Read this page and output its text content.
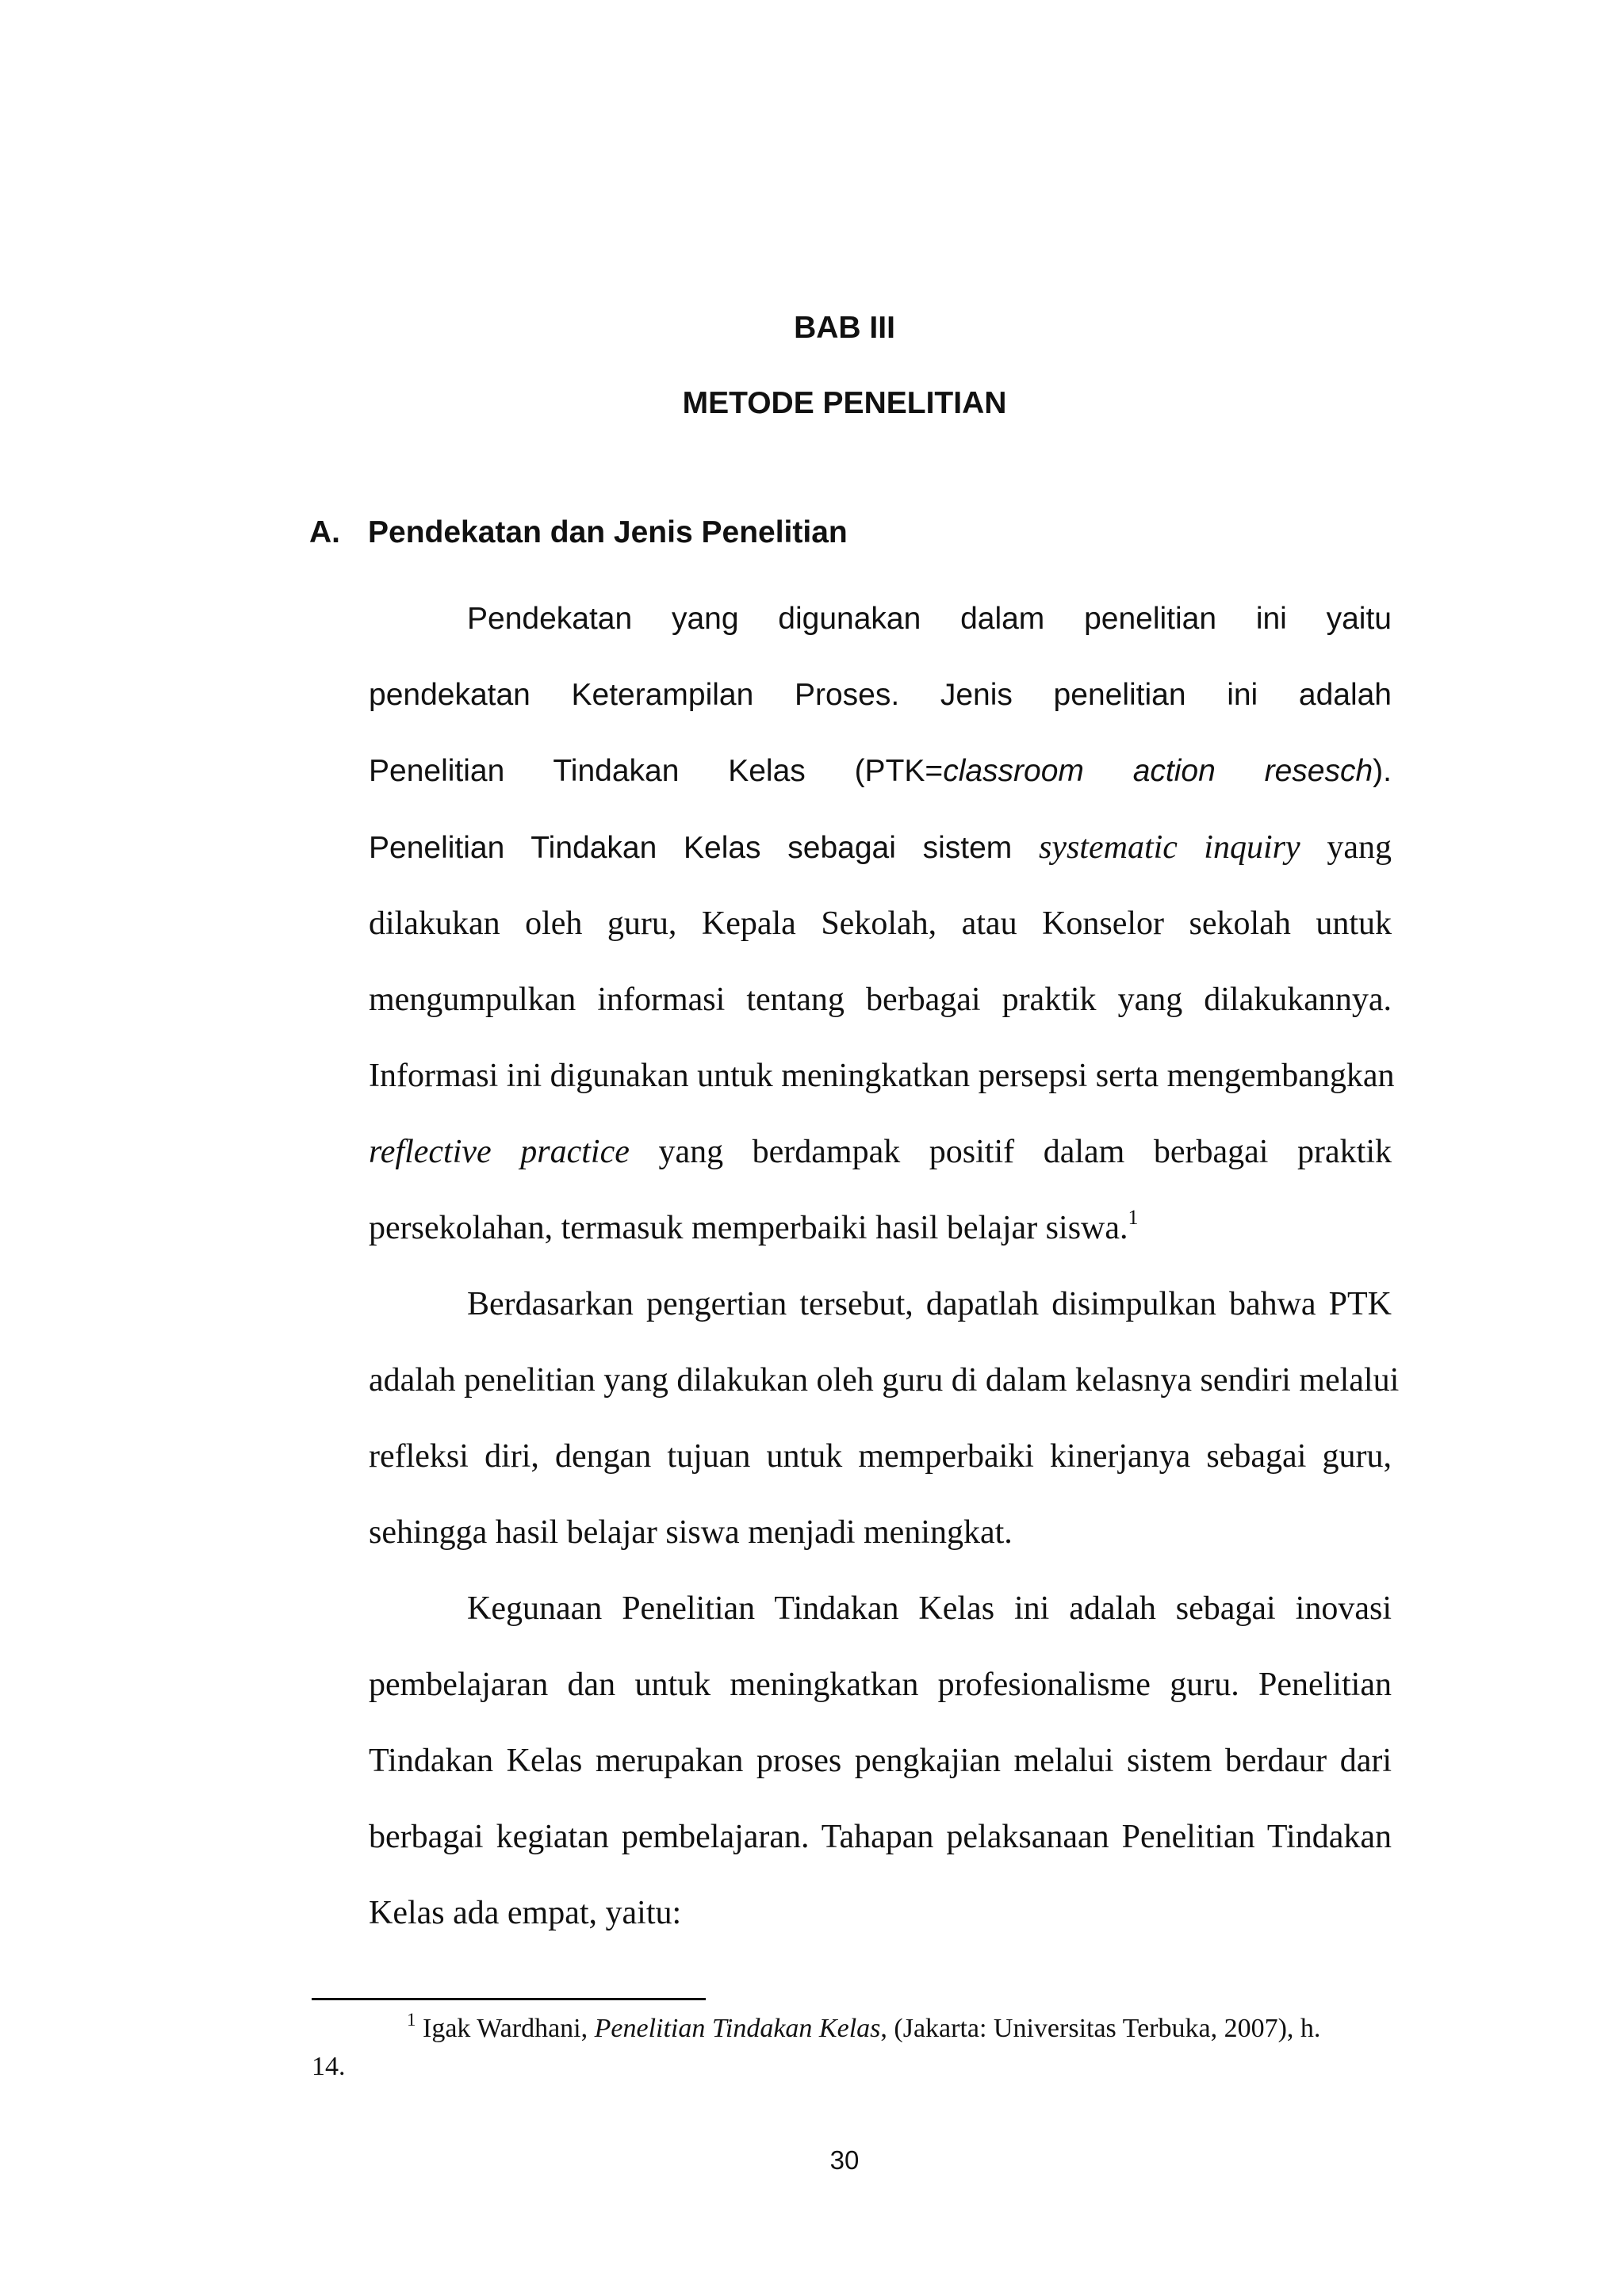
BAB III
METODE PENELITIAN
A. Pendekatan dan Jenis Penelitian

Pendekatan yang digunakan dalam penelitian ini yaitu

pendekatan Keterampilan Proses. Jenis penelitian ini adalah

Penelitian Tindakan Kelas (PTK=classroom action resesch).

Penelitian Tindakan Kelas sebagai sistem systematic inquiry yang

dilakukan oleh guru, Kepala Sekolah, atau Konselor sekolah untuk

mengumpulkan informasi tentang berbagai praktik yang dilakukannya.

Informasi ini digunakan untuk meningkatkan persepsi serta mengembangkan

reflective practice yang berdampak positif dalam berbagai praktik

persekolahan, termasuk memperbaiki hasil belajar siswa.$^1$

Berdasarkan pengertian tersebut, dapatlah disimpulkan bahwa PTK

adalah penelitian yang dilakukan oleh guru di dalam kelasnya sendiri melalui

refleksi diri, dengan tujuan untuk memperbaiki kinerjanya sebagai guru,

sehingga hasil belajar siswa menjadi meningkat.

Kegunaan Penelitian Tindakan Kelas ini adalah sebagai inovasi

pembelajaran dan untuk meningkatkan profesionalisme guru. Penelitian

Tindakan Kelas merupakan proses pengkajian melalui sistem berdaur dari

berbagai kegiatan pembelajaran. Tahapan pelaksanaan Penelitian Tindakan

Kelas ada empat, yaitu:

$^1$ Igak Wardhani, Penelitian Tindakan Kelas, (Jakarta: Universitas Terbuka, 2007), h.

14.

30
